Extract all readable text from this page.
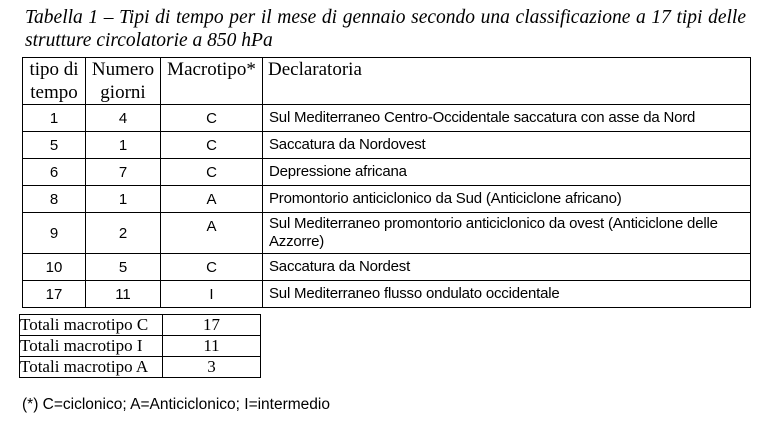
Tabella 1 – Tipi di tempo per il mese di gennaio secondo una classificazione a 17 tipi delle strutture circolatorie a 850 hPa
tipo di tempo	Numero giorni	Macrotipo*	Declaratoria
1	4	C	Sul Mediterraneo Centro-Occidentale saccatura con asse da Nord
5	1	C	Saccatura da Nordovest
6	7	C	Depressione africana
8	1	A	Promontorio anticiclonico da Sud (Anticiclone africano)
9	2	A	Sul Mediterraneo promontorio anticiclonico da ovest (Anticiclone delle Azzorre)
10	5	C	Saccatura da Nordest
17	11	I	Sul Mediterraneo flusso ondulato occidentale
Totali macrotipo C	17
Totali macrotipo I	11
Totali macrotipo A	3
(*) C=ciclonico; A=Anticiclonico; I=intermedio
